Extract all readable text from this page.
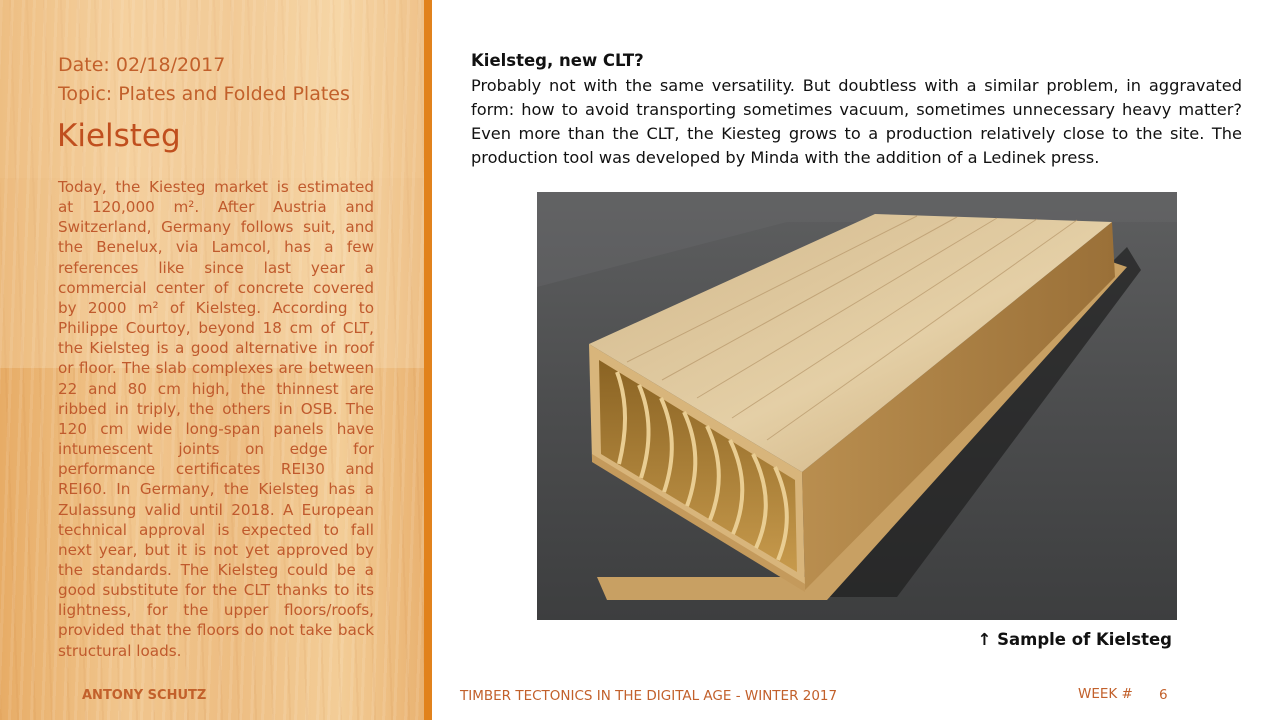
Date: 02/18/2017

Topic: Plates and Folded Plates

Kielsteg

Today, the Kiesteg market is estimated at 120,000 m². After Austria and Switzerland, Germany follows suit, and the Benelux, via Lamcol, has a few references like since last year a commercial center of concrete covered by 2000 m² of Kielsteg. According to Philippe Courtoy, beyond 18 cm of CLT, the Kielsteg is a good alternative in roof or floor. The slab complexes are between 22 and 80 cm high, the thinnest are ribbed in triply, the others in OSB. The 120 cm wide long-span panels have intumescent joints on edge for performance certificates REI30 and REI60. In Germany, the Kielsteg has a Zulassung valid until 2018. A European technical approval is expected to fall next year, but it is not yet approved by the standards. The Kielsteg could be a good substitute for the CLT thanks to its lightness, for the upper floors/roofs, provided that the floors do not take back structural loads.

ANTONY SCHUTZ

Kielsteg, new CLT?

Probably not with the same versatility. But doubtless with a similar problem, in aggravated form: how to avoid transporting sometimes vacuum, sometimes unnecessary heavy matter? Even more than the CLT, the Kiesteg grows to a production relatively close to the site. The production tool was developed by Minda with the addition of a Ledinek press.

↑ Sample of Kielsteg

TIMBER TECTONICS IN THE DIGITAL AGE - WINTER 2017	WEEK # 6
